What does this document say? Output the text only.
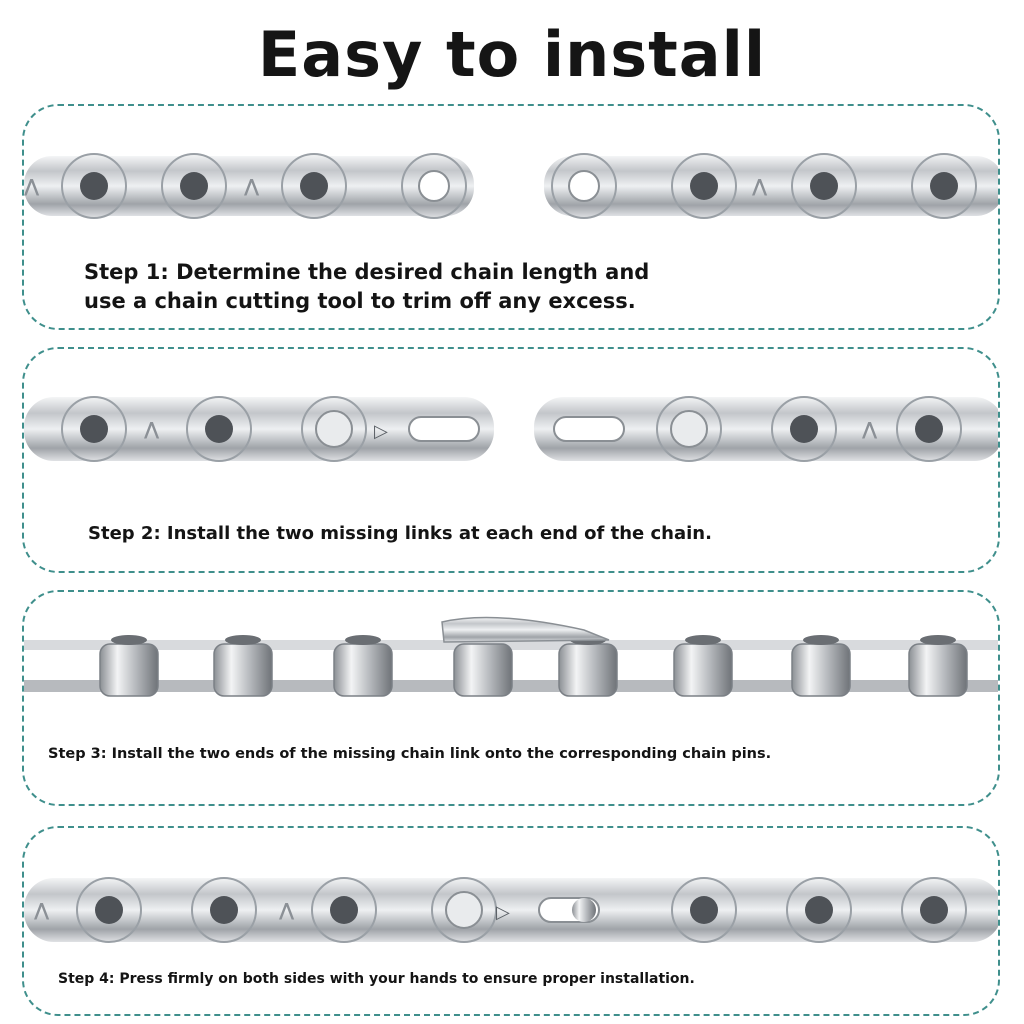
Easy to install
⋀
⋀	⋀
Step 1: Determine the desired chain length and
use a chain cutting tool to trim off any excess.
▷
⋀	⋀
Step 2: Install the two missing links at each end of the chain.
Step 3: Install the two ends of the missing chain link onto the corresponding chain pins.
▷
⋀
⋀
Step 4: Press firmly on both sides with your hands to ensure proper installation.
